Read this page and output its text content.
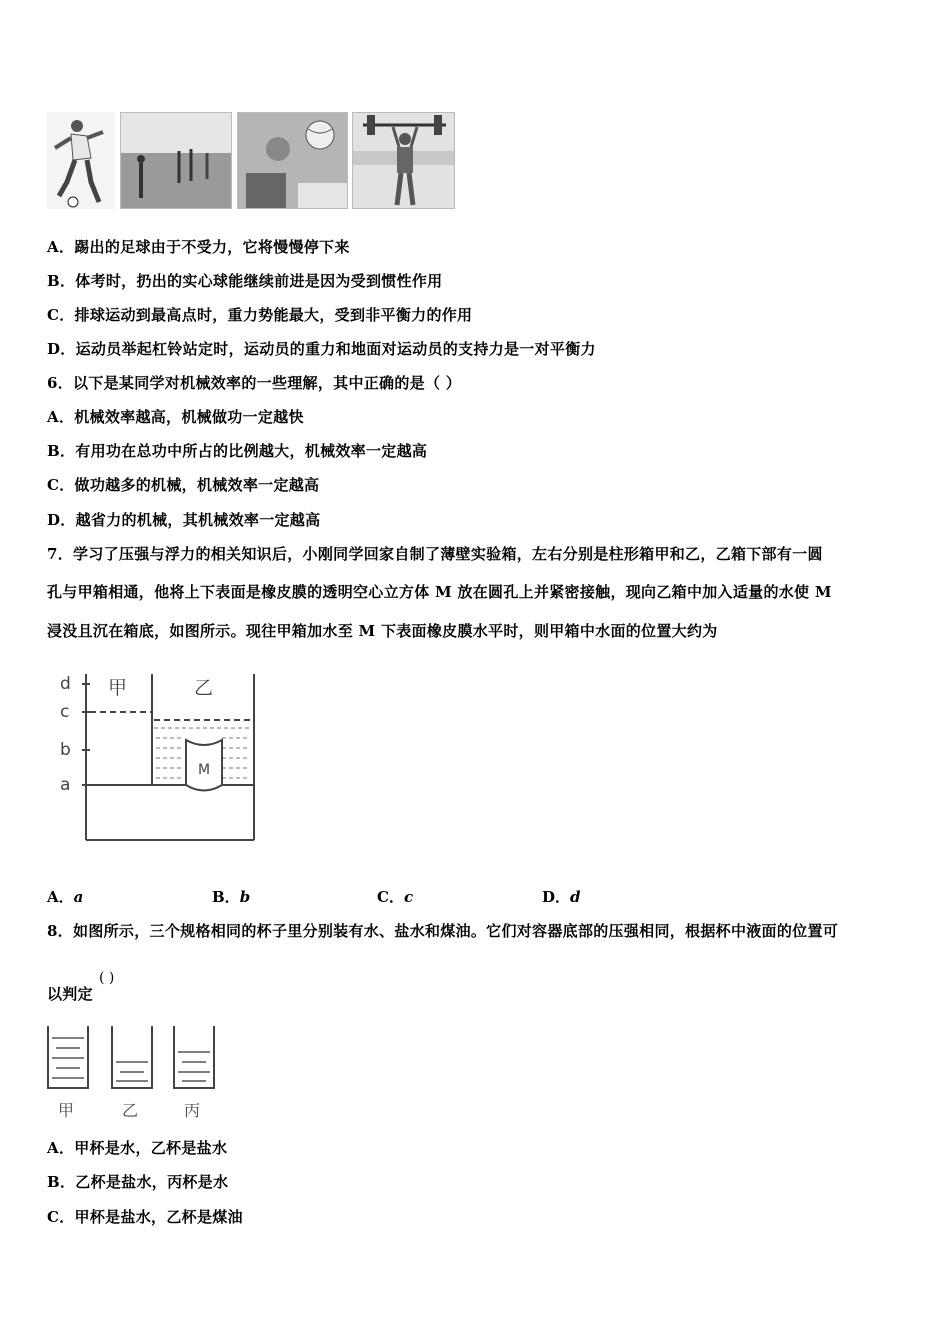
A．踢出的足球由于不受力，它将慢慢停下来
B．体考时，扔出的实心球能继续前进是因为受到惯性作用
C．排球运动到最高点时，重力势能最大，受到非平衡力的作用
D．运动员举起杠铃站定时，运动员的重力和地面对运动员的支持力是一对平衡力
6．以下是某同学对机械效率的一些理解，其中正确的是（ ）
A．机械效率越高，机械做功一定越快
B．有用功在总功中所占的比例越大，机械效率一定越高
C．做功越多的机械，机械效率一定越高
D．越省力的机械，其机械效率一定越高
7．学习了压强与浮力的相关知识后，小刚同学回家自制了薄壁实验箱，左右分别是柱形箱甲和乙，乙箱下部有一圆
孔与甲箱相通，他将上下表面是橡皮膜的透明空心立方体 M 放在圆孔上并紧密接触，现向乙箱中加入适量的水使 M
浸没且沉在箱底，如图所示。现往甲箱加水至 M 下表面橡皮膜水平时，则甲箱中水面的位置大约为
d
c
b
a
甲	乙
M
A．a	B．b	C．c	D．d
8．如图所示，三个规格相同的杯子里分别装有水、盐水和煤油。它们对容器底部的压强相同，根据杯中液面的位置可
以判定
( )
甲	乙	丙
A．甲杯是水，乙杯是盐水
B．乙杯是盐水，丙杯是水
C．甲杯是盐水，乙杯是煤油
